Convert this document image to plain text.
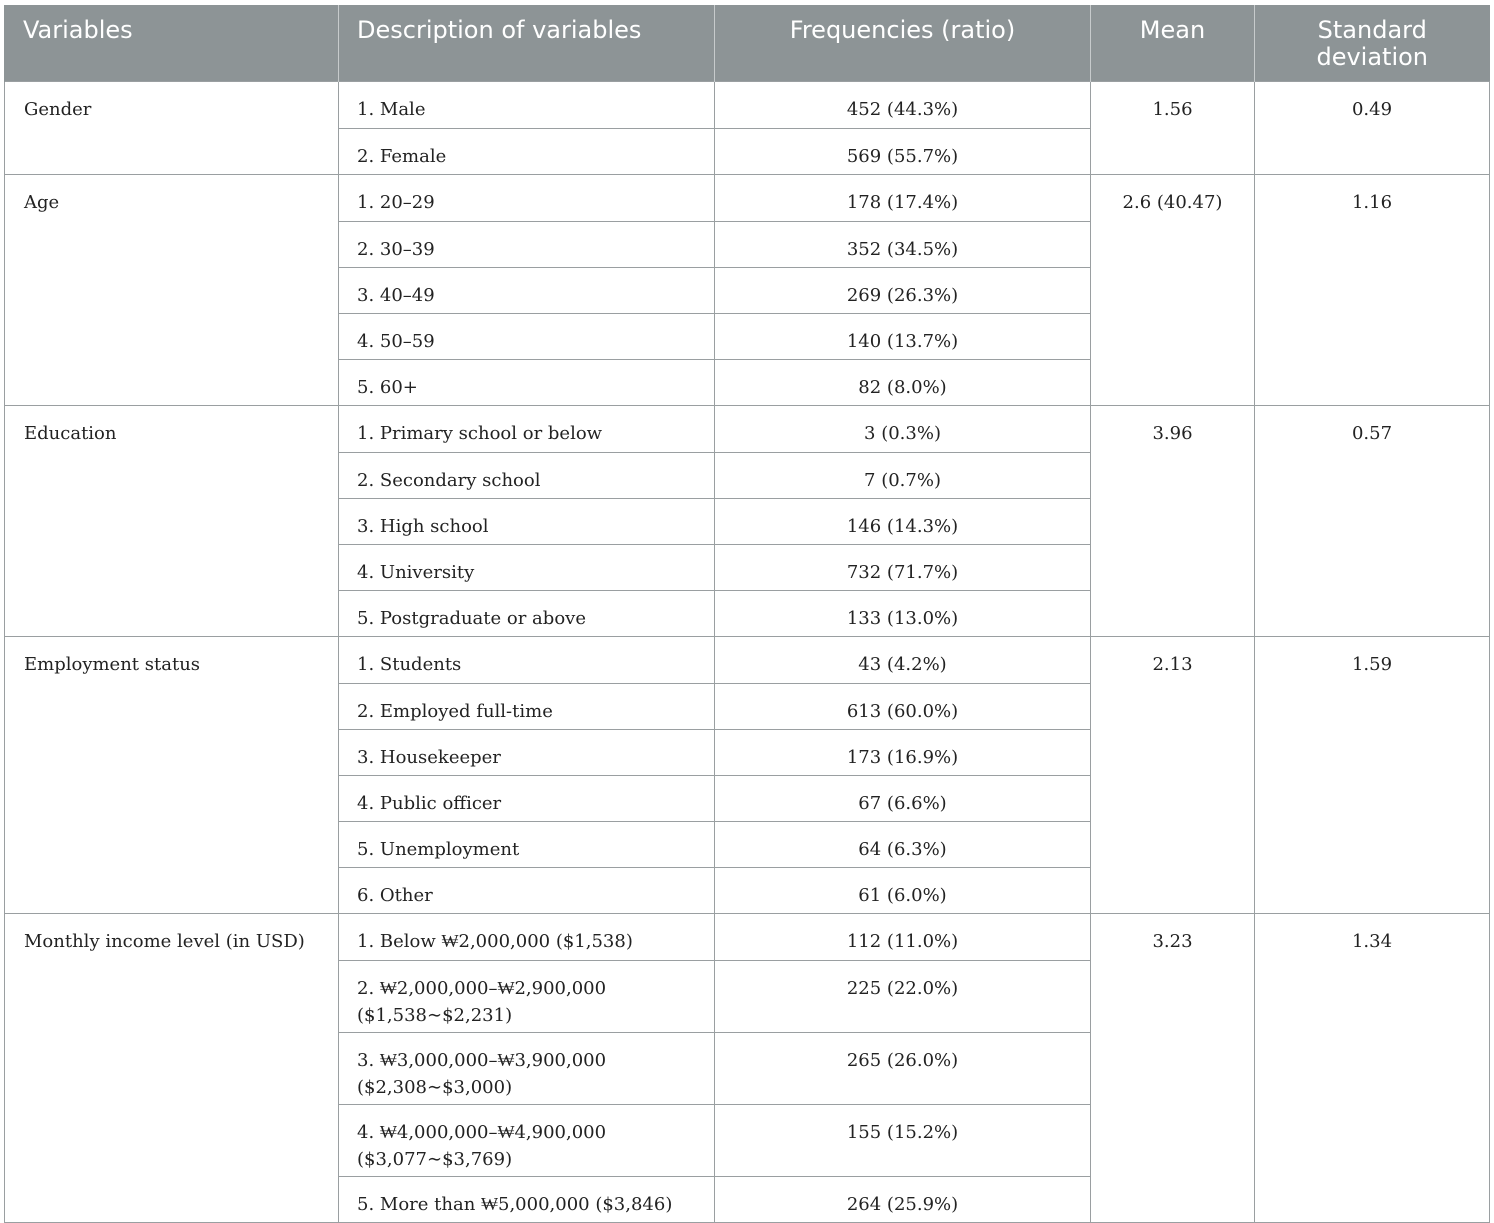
Variables	Description of variables	Frequencies (ratio)	Mean	Standard deviation
Gender	1. Male	452 (44.3%)	1.56	0.49
	2. Female	569 (55.7%)		
Age	1. 20–29	178 (17.4%)	2.6 (40.47)	1.16
	2. 30–39	352 (34.5%)		
	3. 40–49	269 (26.3%)		
	4. 50–59	140 (13.7%)		
	5. 60+	82 (8.0%)		
Education	1. Primary school or below	3 (0.3%)	3.96	0.57
	2. Secondary school	7 (0.7%)		
	3. High school	146 (14.3%)		
	4. University	732 (71.7%)		
	5. Postgraduate or above	133 (13.0%)		
Employment status	1. Students	43 (4.2%)	2.13	1.59
	2. Employed full-time	613 (60.0%)		
	3. Housekeeper	173 (16.9%)		
	4. Public officer	67 (6.6%)		
	5. Unemployment	64 (6.3%)		
	6. Other	61 (6.0%)		
Monthly income level (in USD)	1. Below ₩2,000,000 ($1,538)	112 (11.0%)	3.23	1.34
	2. ₩2,000,000–₩2,900,000 ($1,538∼$2,231)	225 (22.0%)		
	3. ₩3,000,000–₩3,900,000 ($2,308∼$3,000)	265 (26.0%)		
	4. ₩4,000,000–₩4,900,000 ($3,077∼$3,769)	155 (15.2%)		
	5. More than ₩5,000,000 ($3,846)	264 (25.9%)		
